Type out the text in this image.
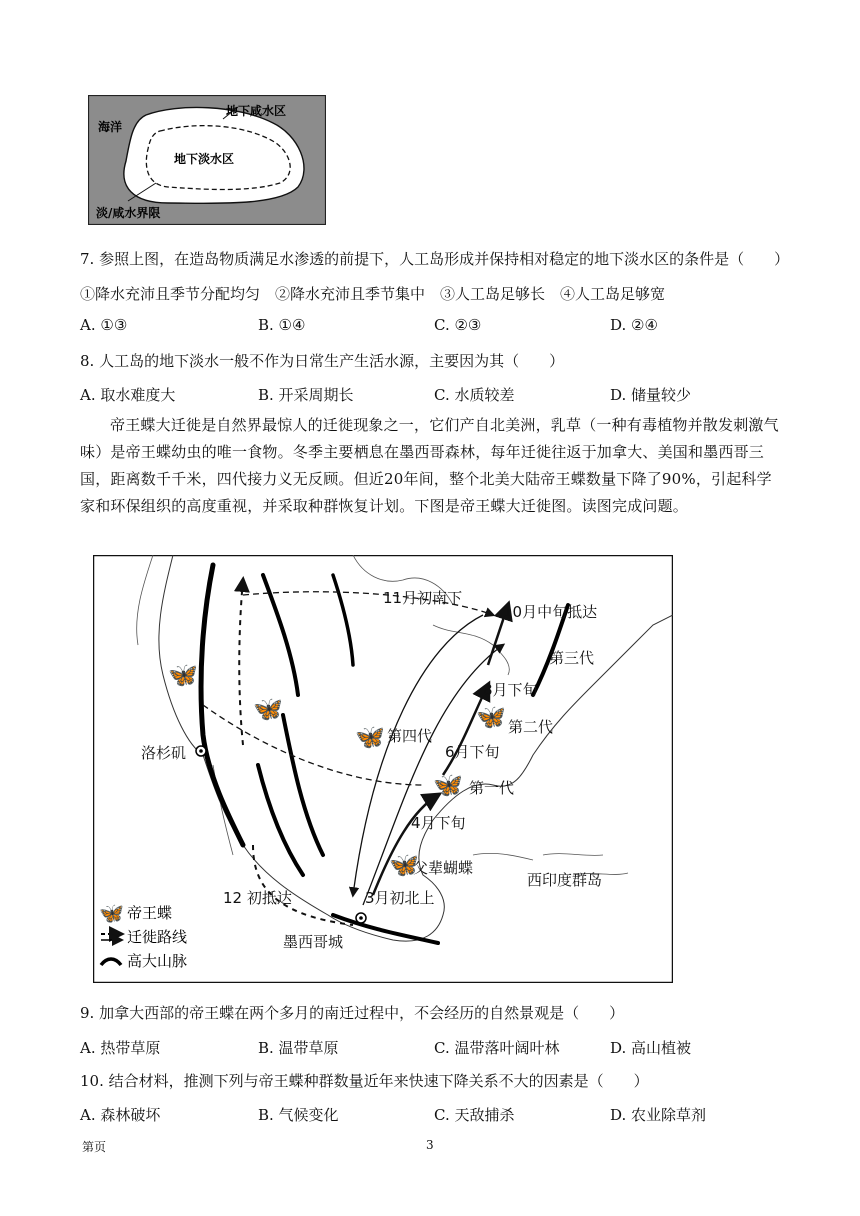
海洋
地下咸水区
地下淡水区
淡/咸水界限
7. 参照上图，在造岛物质满足水渗透的前提下，人工岛形成并保持相对稳定的地下淡水区的条件是（　　）
①降水充沛且季节分配均匀　②降水充沛且季节集中　③人工岛足够长　④人工岛足够宽
A. ①③	B. ①④	C. ②③	D. ②④
8. 人工岛的地下淡水一般不作为日常生产生活水源，主要因为其（　　）
A. 取水难度大	B. 开采周期长	C. 水质较差	D. 储量较少
帝王蝶大迁徙是自然界最惊人的迁徙现象之一，它们产自北美洲，乳草（一种有毒植物并散发刺激气味）是帝王蝶幼虫的唯一食物。冬季主要栖息在墨西哥森林，每年迁徙往返于加拿大、美国和墨西哥三国，距离数千千米，四代接力义无反顾。但近20年间，整个北美大陆帝王蝶数量下降了90%，引起科学家和环保组织的高度重视，并采取种群恢复计划。下图是帝王蝶大迁徙图。读图完成问题。
🦋
🦋
🦋
🦋
🦋
🦋
11月初南下
10月中旬抵达
第三代
8月下旬
第二代
第四代
6月下旬
第一代
4月下旬
洛杉矶
父辈蝴蝶
西印度群岛
12 初抵达	3月初北上
墨西哥城
🦋 帝王蝶
迁徙路线
高大山脉
9. 加拿大西部的帝王蝶在两个多月的南迁过程中，不会经历的自然景观是（　　）
A. 热带草原	B. 温带草原	C. 温带落叶阔叶林	D. 高山植被
10. 结合材料，推测下列与帝王蝶种群数量近年来快速下降关系不大的因素是（　　）
A. 森林破坏	B. 气候变化	C. 天敌捕杀	D. 农业除草剂
第页	3
